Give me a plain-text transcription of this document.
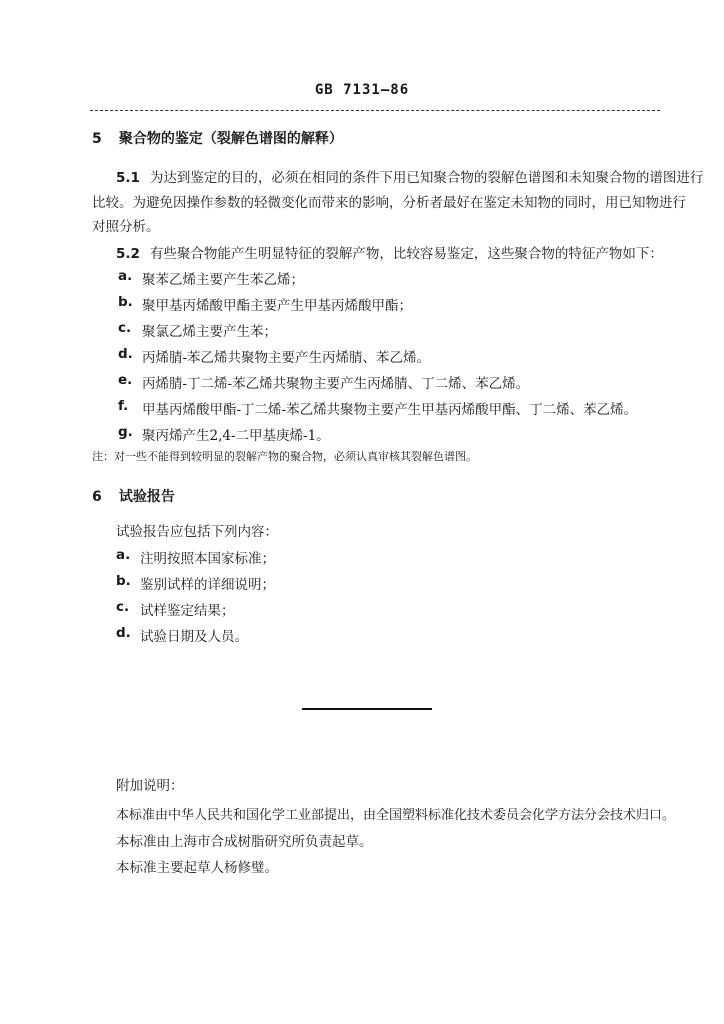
GB 7131—86
5 聚合物的鉴定（裂解色谱图的解释）
5.1 为达到鉴定的目的，必须在相同的条件下用已知聚合物的裂解色谱图和未知聚合物的谱图进行
比较。为避免因操作参数的轻微变化而带来的影响，分析者最好在鉴定未知物的同时，用已知物进行
对照分析。
5.2 有些聚合物能产生明显特征的裂解产物，比较容易鉴定，这些聚合物的特征产物如下：
a. 聚苯乙烯主要产生苯乙烯；
b. 聚甲基丙烯酸甲酯主要产生甲基丙烯酸甲酯；
c. 聚氯乙烯主要产生苯；
d. 丙烯腈-苯乙烯共聚物主要产生丙烯腈、苯乙烯。
e. 丙烯腈-丁二烯-苯乙烯共聚物主要产生丙烯腈、丁二烯、苯乙烯。
f. 甲基丙烯酸甲酯-丁二烯-苯乙烯共聚物主要产生甲基丙烯酸甲酯、丁二烯、苯乙烯。
g. 聚丙烯产生2,4-二甲基庚烯-1。
注：对一些不能得到较明显的裂解产物的聚合物，必须认真审核其裂解色谱图。
6 试验报告
试验报告应包括下列内容：
a. 注明按照本国家标准；
b. 鉴别试样的详细说明；
c. 试样鉴定结果；
d. 试验日期及人员。
附加说明：
本标准由中华人民共和国化学工业部提出，由全国塑料标准化技术委员会化学方法分会技术归口。
本标准由上海市合成树脂研究所负责起草。
本标准主要起草人杨修璧。
